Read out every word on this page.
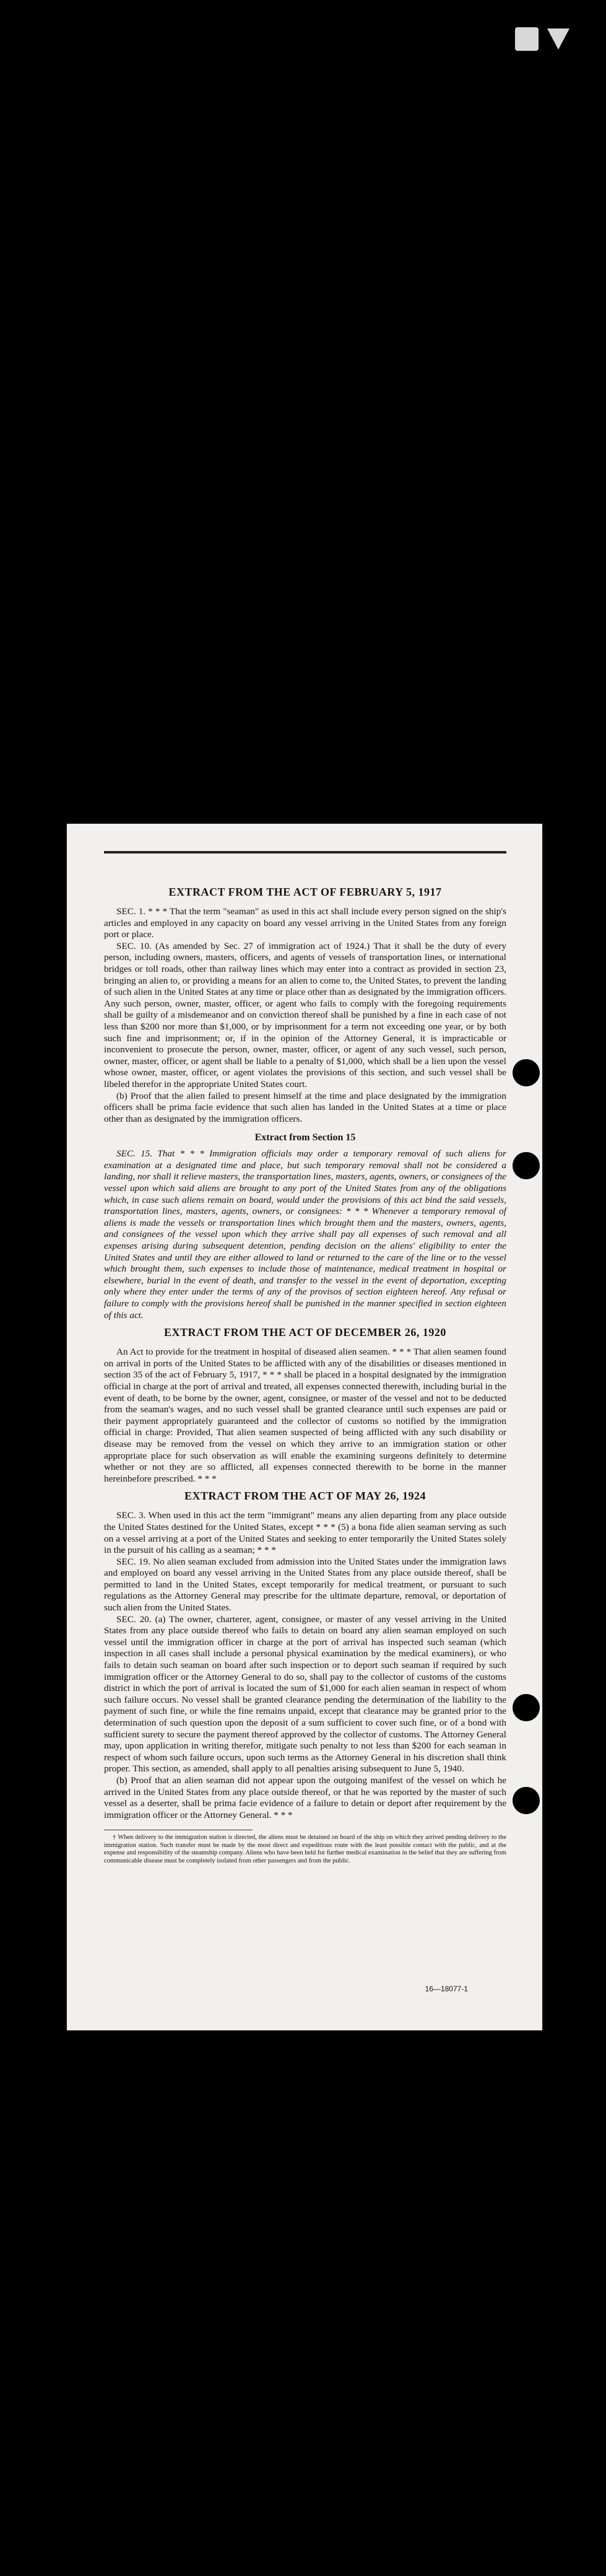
EXTRACT FROM THE ACT OF FEBRUARY 5, 1917

SEC. 1. * * * That the term "seaman" as used in this act shall include every person signed on the ship's articles and employed in any capacity on board any vessel arriving in the United States from any foreign port or place.

SEC. 10. (As amended by Sec. 27 of immigration act of 1924.) That it shall be the duty of every person, including owners, masters, officers, and agents of vessels of transportation lines, or international bridges or toll roads, other than railway lines which may enter into a contract as provided in section 23, bringing an alien to, or providing a means for an alien to come to, the United States, to prevent the landing of such alien in the United States at any time or place other than as designated by the immigration officers. Any such person, owner, master, officer, or agent who fails to comply with the foregoing requirements shall be guilty of a misdemeanor and on conviction thereof shall be punished by a fine in each case of not less than $200 nor more than $1,000, or by imprisonment for a term not exceeding one year, or by both such fine and imprisonment; or, if in the opinion of the Attorney General, it is impracticable or inconvenient to prosecute the person, owner, master, officer, or agent of any such vessel, such person, owner, master, officer, or agent shall be liable to a penalty of $1,000, which shall be a lien upon the vessel whose owner, master, officer, or agent violates the provisions of this section, and such vessel shall be libeled therefor in the appropriate United States court.

(b) Proof that the alien failed to present himself at the time and place designated by the immigration officers shall be prima facie evidence that such alien has landed in the United States at a time or place other than as designated by the immigration officers.

Extract from Section 15

SEC. 15. That * * * Immigration officials may order a temporary removal of such aliens for examination at a designated time and place, but such temporary removal shall not be considered a landing, nor shall it relieve masters, the transportation lines, masters, agents, owners, or consignees of the vessel upon which said aliens are brought to any port of the United States from any of the obligations which, in case such aliens remain on board, would under the provisions of this act bind the said vessels, transportation lines, masters, agents, owners, or consignees: * * * Whenever a temporary removal of aliens is made the vessels or transportation lines which brought them and the masters, owners, agents, and consignees of the vessel upon which they arrive shall pay all expenses of such removal and all expenses arising during subsequent detention, pending decision on the aliens' eligibility to enter the United States and until they are either allowed to land or returned to the care of the line or to the vessel which brought them, such expenses to include those of maintenance, medical treatment in hospital or elsewhere, burial in the event of death, and transfer to the vessel in the event of deportation, excepting only where they enter under the terms of any of the provisos of section eighteen hereof. Any refusal or failure to comply with the provisions hereof shall be punished in the manner specified in section eighteen of this act.

EXTRACT FROM THE ACT OF DECEMBER 26, 1920

An Act to provide for the treatment in hospital of diseased alien seamen. * * * That alien seamen found on arrival in ports of the United States to be afflicted with any of the disabilities or diseases mentioned in section 35 of the act of February 5, 1917, * * * shall be placed in a hospital designated by the immigration official in charge at the port of arrival and treated, all expenses connected therewith, including burial in the event of death, to be borne by the owner, agent, consignee, or master of the vessel and not to be deducted from the seaman's wages, and no such vessel shall be granted clearance until such expenses are paid or their payment appropriately guaranteed and the collector of customs so notified by the immigration official in charge: Provided, That alien seamen suspected of being afflicted with any such disability or disease may be removed from the vessel on which they arrive to an immigration station or other appropriate place for such observation as will enable the examining surgeons definitely to determine whether or not they are so afflicted, all expenses connected therewith to be borne in the manner hereinbefore prescribed. * * *

EXTRACT FROM THE ACT OF MAY 26, 1924

SEC. 3. When used in this act the term "immigrant" means any alien departing from any place outside the United States destined for the United States, except * * * (5) a bona fide alien seaman serving as such on a vessel arriving at a port of the United States and seeking to enter temporarily the United States solely in the pursuit of his calling as a seaman; * * *

SEC. 19. No alien seaman excluded from admission into the United States under the immigration laws and employed on board any vessel arriving in the United States from any place outside thereof, shall be permitted to land in the United States, except temporarily for medical treatment, or pursuant to such regulations as the Attorney General may prescribe for the ultimate departure, removal, or deportation of such alien from the United States.

SEC. 20. (a) The owner, charterer, agent, consignee, or master of any vessel arriving in the United States from any place outside thereof who fails to detain on board any alien seaman employed on such vessel until the immigration officer in charge at the port of arrival has inspected such seaman (which inspection in all cases shall include a personal physical examination by the medical examiners), or who fails to detain such seaman on board after such inspection or to deport such seaman if required by such immigration officer or the Attorney General to do so, shall pay to the collector of customs of the customs district in which the port of arrival is located the sum of $1,000 for each alien seaman in respect of whom such failure occurs. No vessel shall be granted clearance pending the determination of the liability to the payment of such fine, or while the fine remains unpaid, except that clearance may be granted prior to the determination of such question upon the deposit of a sum sufficient to cover such fine, or of a bond with sufficient surety to secure the payment thereof approved by the collector of customs. The Attorney General may, upon application in writing therefor, mitigate such penalty to not less than $200 for each seaman in respect of whom such failure occurs, upon such terms as the Attorney General in his discretion shall think proper. This section, as amended, shall apply to all penalties arising subsequent to June 5, 1940.

(b) Proof that an alien seaman did not appear upon the outgoing manifest of the vessel on which he arrived in the United States from any place outside thereof, or that he was reported by the master of such vessel as a deserter, shall be prima facie evidence of a failure to detain or deport after requirement by the immigration officer or the Attorney General. * * *

† When delivery to the immigration station is directed, the aliens must be detained on board of the ship on which they arrived pending delivery to the immigration station. Such transfer must be made by the most direct and expeditious route with the least possible contact with the public, and at the expense and responsibility of the steamship company. Aliens who have been held for further medical examination in the belief that they are suffering from communicable disease must be completely isolated from other passengers and from the public.

16—18077-1
